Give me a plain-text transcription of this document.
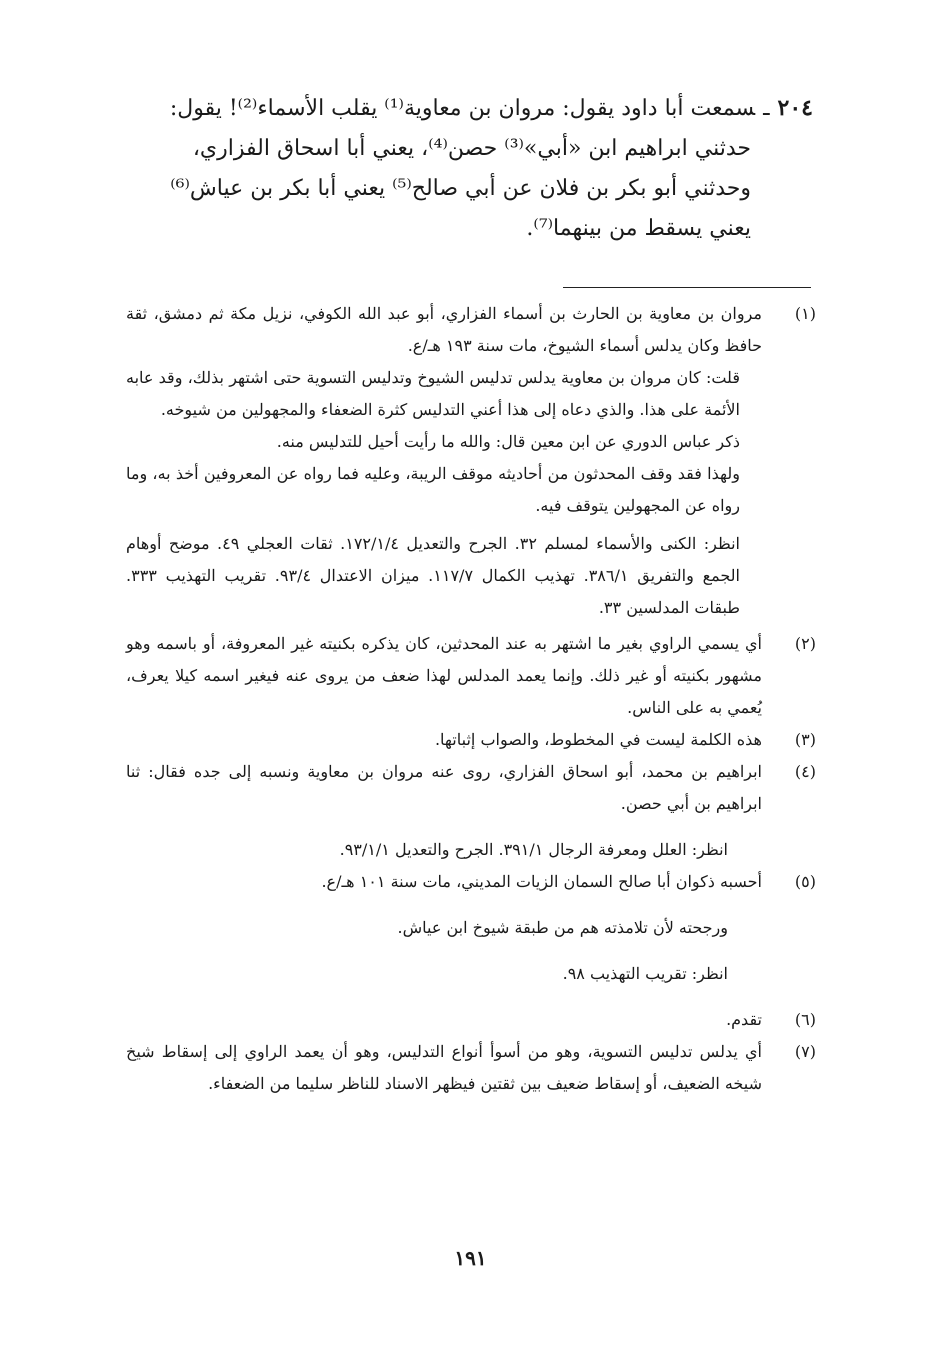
٢٠٤ـسمعت أبا داود يقول: مروان بن معاوية⁽¹⁾ يقلب الأسماء⁽²⁾! يقول:
حدثني ابراهيم ابن «أبي»⁽³⁾ حصن⁽⁴⁾، يعني أبا اسحاق الفزاري،
وحدثني أبو بكر بن فلان عن أبي صالح⁽⁵⁾ يعني أبا بكر بن عياش⁽⁶⁾
يعني يسقط من بينهما⁽⁷⁾.
(١)

مروان بن معاوية بن الحارث بن أسماء الفزاري، أبو عبد الله الكوفي، نزيل مكة ثم دمشق، ثقة حافظ وكان يدلس أسماء الشيوخ، مات سنة ١٩٣ هـ/ع.

قلت: كان مروان بن معاوية يدلس تدليس الشيوخ وتدليس التسوية حتى اشتهر بذلك، وقد عابه الأئمة على هذا. والذي دعاه إلى هذا أعني التدليس كثرة الضعفاء والمجهولين من شيوخه.

ذكر عباس الدوري عن ابن معين قال: والله ما رأيت أحيل للتدليس منه.

ولهذا فقد وقف المحدثون من أحاديثه موقف الريبة، وعليه فما رواه عن المعروفين أخذ به، وما رواه عن المجهولين يتوقف فيه.

انظر: الكنى والأسماء لمسلم ٣٢. الجرح والتعديل ١٧٢/١/٤. ثقات العجلي ٤٩. موضح أوهام الجمع والتفريق ٣٨٦/١. تهذيب الكمال ١١٧/٧. ميزان الاعتدال ٩٣/٤. تقريب التهذيب ٣٣٣. طبقات المدلسين ٣٣.

(٢)

أي يسمي الراوي بغير ما اشتهر به عند المحدثين، كان يذكره بكنيته غير المعروفة، أو باسمه وهو مشهور بكنيته أو غير ذلك. وإنما يعمد المدلس لهذا ضعف من يروى عنه فيغير اسمه كيلا يعرف، يُعمي به على الناس.

(٣)

هذه الكلمة ليست في المخطوط، والصواب إثباتها.

(٤)

ابراهيم بن محمد، أبو اسحاق الفزاري، روى عنه مروان بن معاوية ونسبه إلى جده فقال: ثنا ابراهيم بن أبي حصن.

انظر: العلل ومعرفة الرجال ٣٩١/١. الجرح والتعديل ٩٣/١/١.

(٥)

أحسبه ذكوان أبا صالح السمان الزيات المديني، مات سنة ١٠١ هـ/ع.

ورجحته لأن تلامذته هم من طبقة شيوخ ابن عياش.

انظر: تقريب التهذيب ٩٨.

(٦)

تقدم.

(٧)

أي يدلس تدليس التسوية، وهو من أسوأ أنواع التدليس، وهو أن يعمد الراوي إلى إسقاط شيخ شيخه الضعيف، أو إسقاط ضعيف بين ثقتين فيظهر الاسناد للناظر سليما من الضعفاء.

١٩١
